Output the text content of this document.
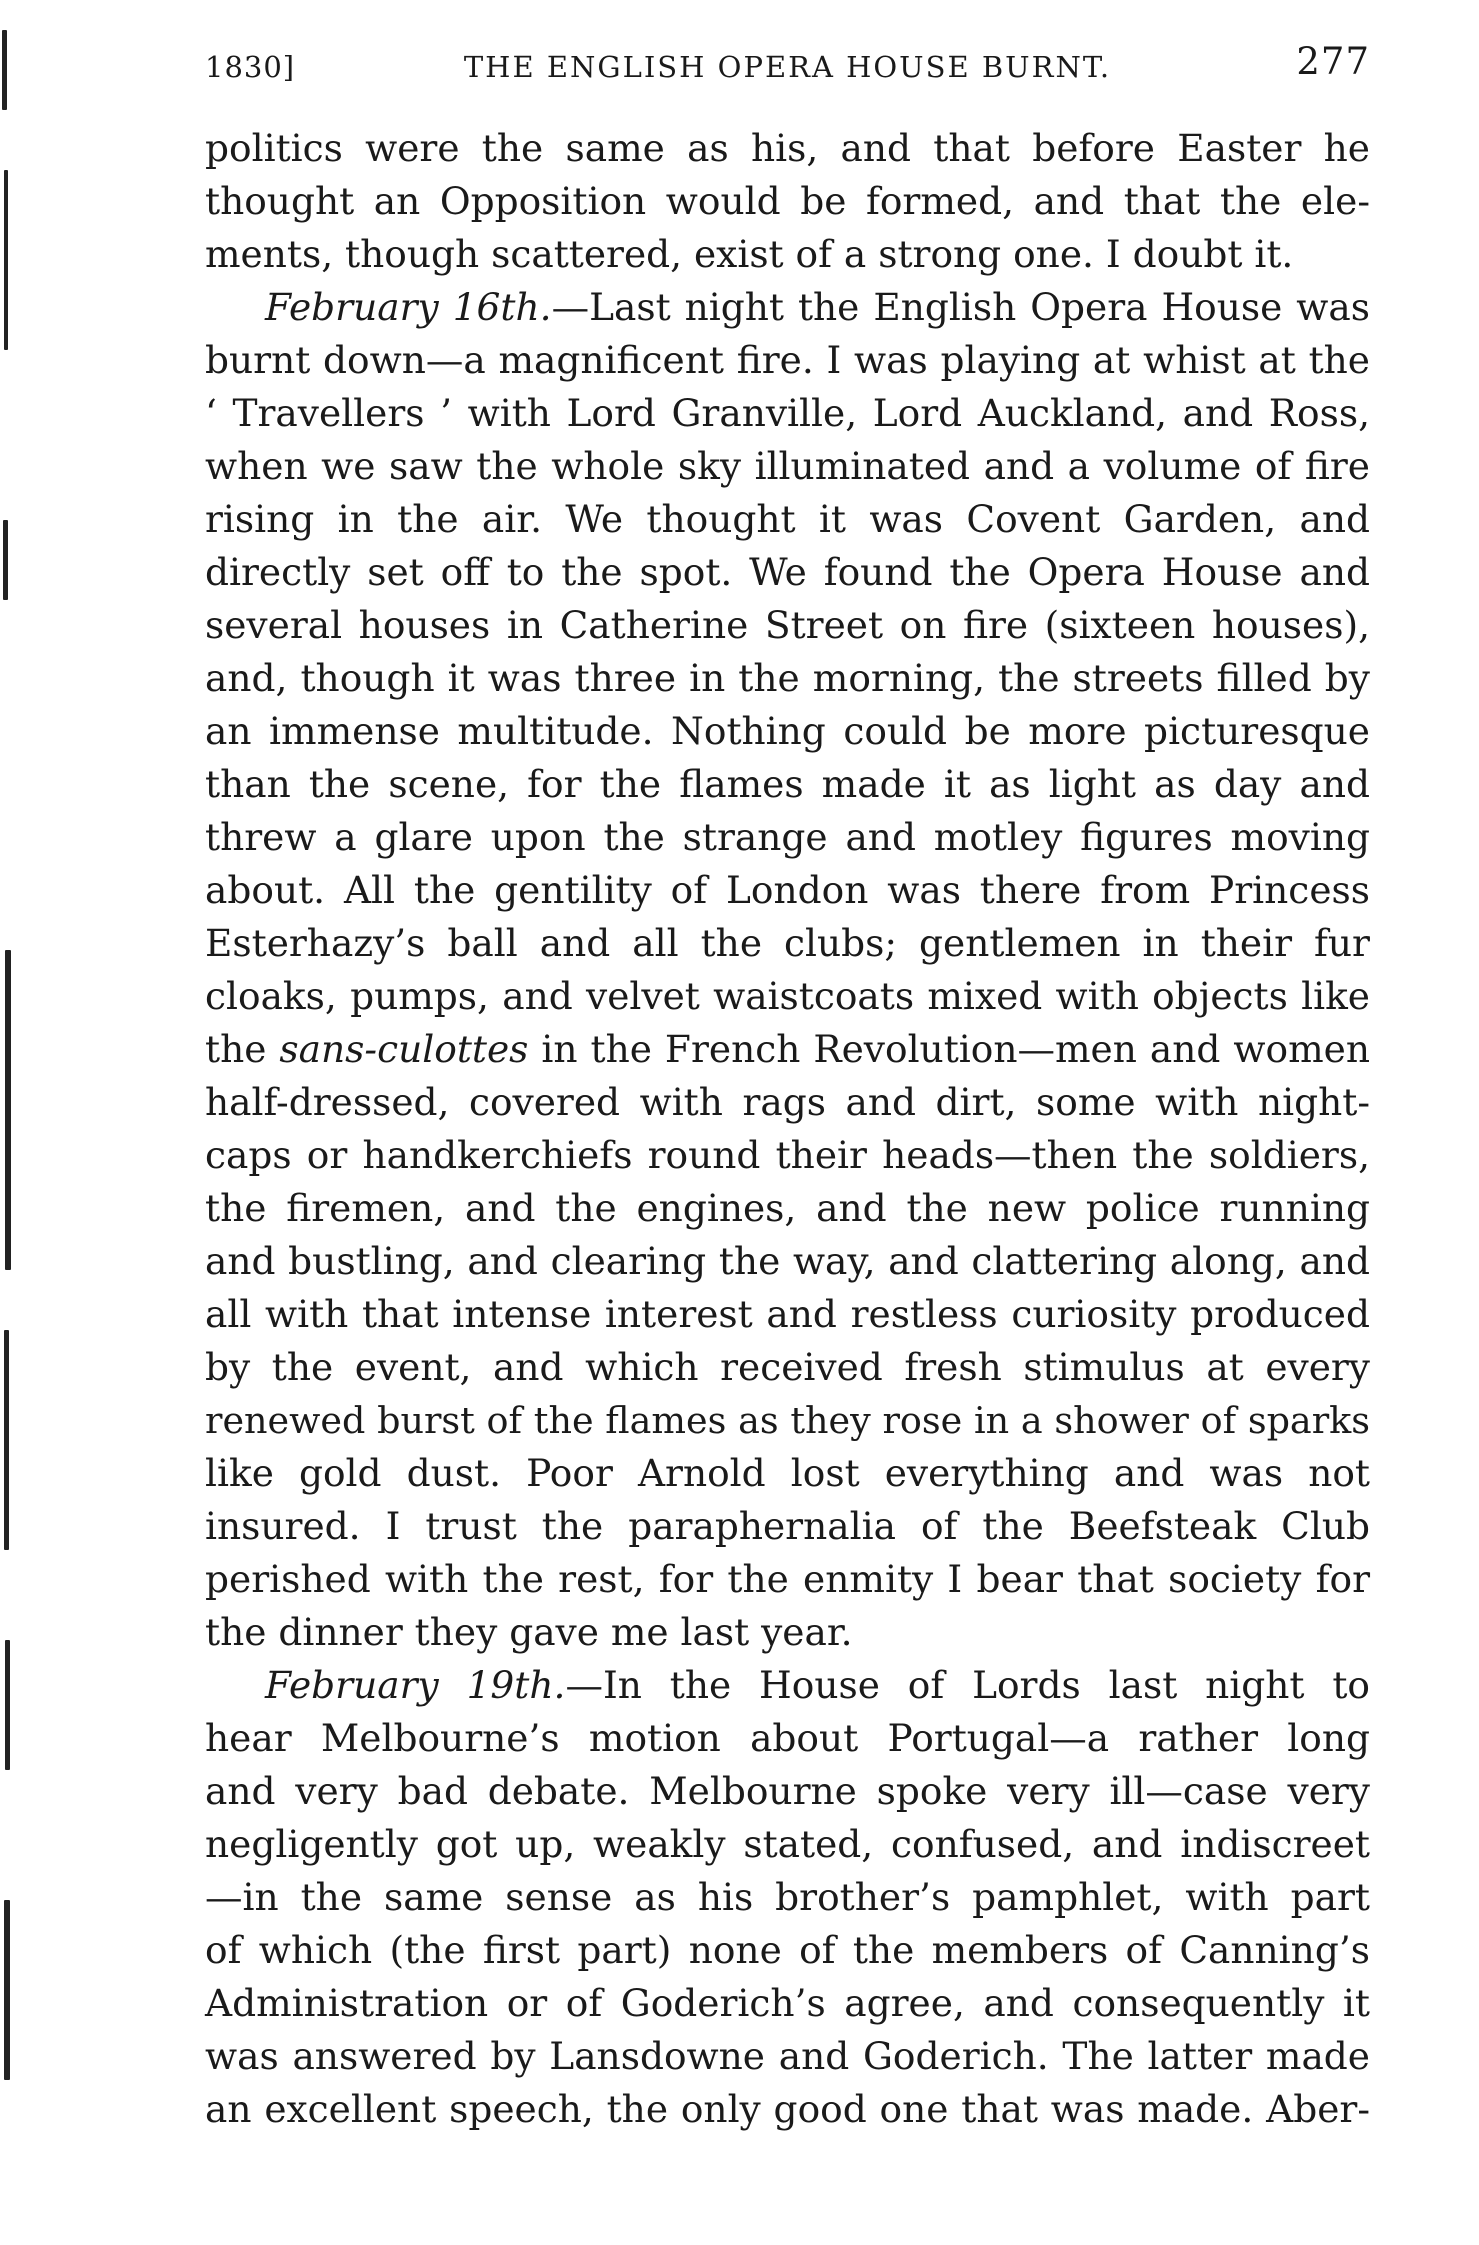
1830]	THE ENGLISH OPERA HOUSE BURNT.	277
politics were the same as his, and that before Easter he
thought an Opposition would be formed, and that the ele-
ments, though scattered, exist of a strong one. I doubt it.
February 16th.—Last night the English Opera House was
burnt down—a magnificent fire. I was playing at whist at the
‘ Travellers ’ with Lord Granville, Lord Auckland, and Ross,
when we saw the whole sky illuminated and a volume of fire
rising in the air. We thought it was Covent Garden, and
directly set off to the spot. We found the Opera House and
several houses in Catherine Street on fire (sixteen houses),
and, though it was three in the morning, the streets filled by
an immense multitude. Nothing could be more picturesque
than the scene, for the flames made it as light as day and
threw a glare upon the strange and motley figures moving
about. All the gentility of London was there from Princess
Esterhazy’s ball and all the clubs; gentlemen in their fur
cloaks, pumps, and velvet waistcoats mixed with objects like
the sans-culottes in the French Revolution—men and women
half-dressed, covered with rags and dirt, some with night-
caps or handkerchiefs round their heads—then the soldiers,
the firemen, and the engines, and the new police running
and bustling, and clearing the way, and clattering along, and
all with that intense interest and restless curiosity produced
by the event, and which received fresh stimulus at every
renewed burst of the flames as they rose in a shower of sparks
like gold dust. Poor Arnold lost everything and was not
insured. I trust the paraphernalia of the Beefsteak Club
perished with the rest, for the enmity I bear that society for
the dinner they gave me last year.
February 19th.—In the House of Lords last night to
hear Melbourne’s motion about Portugal—a rather long
and very bad debate. Melbourne spoke very ill—case very
negligently got up, weakly stated, confused, and indiscreet
—in the same sense as his brother’s pamphlet, with part
of which (the first part) none of the members of Canning’s
Administration or of Goderich’s agree, and consequently it
was answered by Lansdowne and Goderich. The latter made
an excellent speech, the only good one that was made. Aber-
